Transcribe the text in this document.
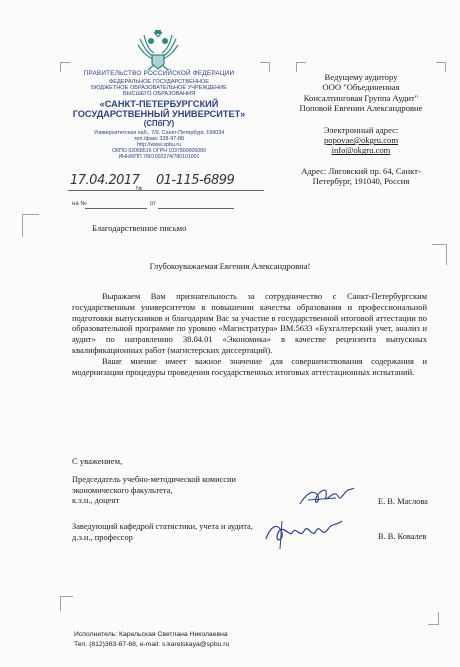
ПРАВИТЕЛЬСТВО РОССИЙСКОЙ ФЕДЕРАЦИИ
ФЕДЕРАЛЬНОЕ ГОСУДАРСТВЕННОЕ
БЮДЖЕТНОЕ ОБРАЗОВАТЕЛЬНОЕ УЧРЕЖДЕНИЕ
ВЫСШЕГО ОБРАЗОВАНИЯ
«САНКТ-ПЕТЕРБУРГСКИЙ
ГОСУДАРСТВЕННЫЙ УНИВЕРСИТЕТ»
(СПбГУ)
Университетская наб., 7/9, Санкт-Петербург, 199034
тел./факс 328-97-88
http://www.spbu.ru
ОКПО 02068516 ОГРН 1037800006089
ИНН/КПП 7801002274/780101001
17.04.2017
№
01-115-6899
на №	от
Ведущему аудитору
ООО "Объединенная
Консалтинговая Группа Аудит"
Поповой Евгении Александровне
Электронный адрес:
popovae@okgru.com
info@okgru.com
Адрес: Лиговский пр. 64, Санкт-
Петербург, 191040, Россия
Благодарственное письмо
Глубокоуважаемая Евгения Александровна!
Выражаем Вам признательность за сотрудничество с Санкт-Петербургским государственным университетом в повышении качества образования и профессиональной подготовки выпускников и благодарим Вас за участие в государственной итоговой аттестации по образовательной программе по уровню «Магистратура» ВМ.5633 «Бухгалтерский учет, анализ и аудит» по направлению 38.04.01 «Экономика» в качестве рецензента выпускных квалификационных работ (магистерских диссертаций).
Ваше мнение имеет важное значение для совершенствования содержания и модернизации процедуры проведения государственных итоговых аттестационных испытаний.
С уважением,
Председатель учебно-методической комиссии
экономического факультета,
к.э.н., доцент	Е. В. Маслова
Заведующий кафедрой статистики, учета и аудита,
д.э.н., профессор	В. В. Ковалев
Исполнитель: Карельская Светлана Николаевна
Тел. (812)363-67-68, e-mail: s.karelskaya@spbu.ru
